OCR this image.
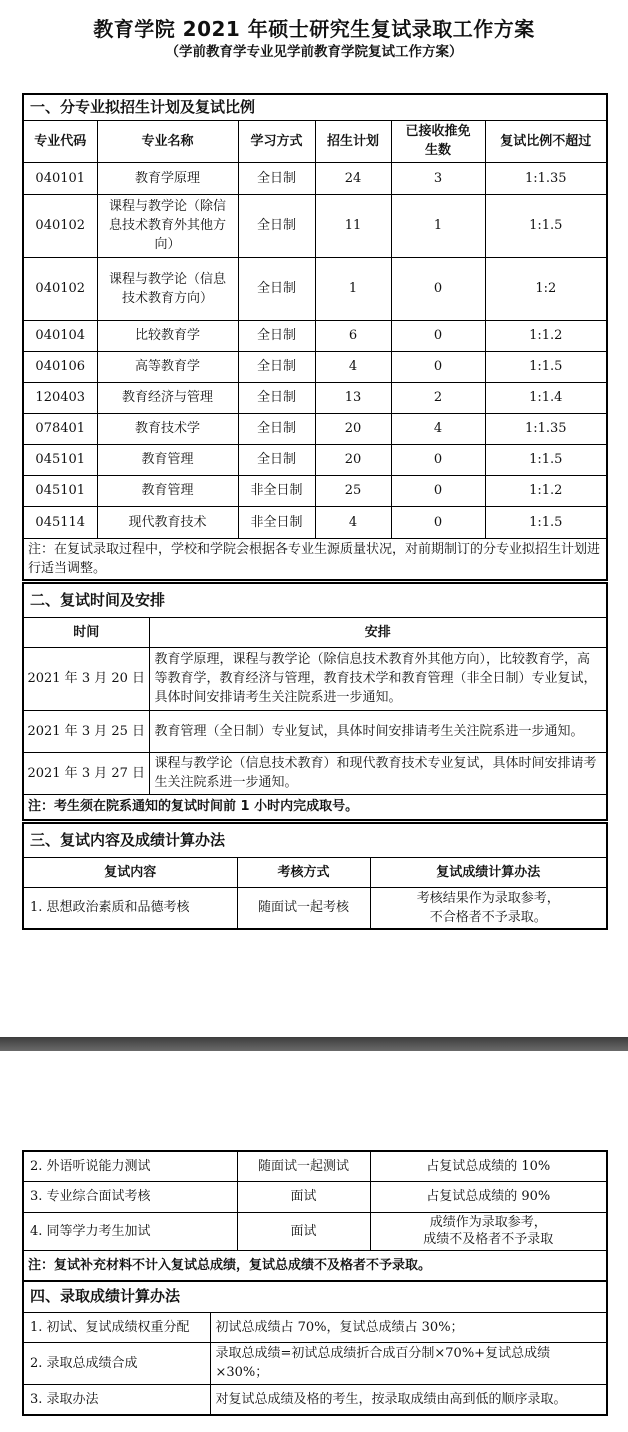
教育学院 2021 年硕士研究生复试录取工作方案
（学前教育学专业见学前教育学院复试工作方案）
一、分专业拟招生计划及复试比例					
专业代码	专业名称	学习方式	招生计划	已接收推免生数	复试比例不超过
040101	教育学原理	全日制	24	3	1:1.35
040102	课程与教学论（除信息技术教育外其他方向）	全日制	11	1	1:1.5
040102	课程与教学论（信息技术教育方向）	全日制	1	0	1:2
040104	比较教育学	全日制	6	0	1:1.2
040106	高等教育学	全日制	4	0	1:1.5
120403	教育经济与管理	全日制	13	2	1:1.4
078401	教育技术学	全日制	20	4	1:1.35
045101	教育管理	全日制	20	0	1:1.5
045101	教育管理	非全日制	25	0	1:1.2
045114	现代教育技术	非全日制	4	0	1:1.5
注：在复试录取过程中，学校和学院会根据各专业生源质量状况，对前期制订的分专业拟招生计划进行适当调整。					
二、复试时间及安排	
时间	安排
2021 年 3 月 20 日	教育学原理，课程与教学论（除信息技术教育外其他方向），比较教育学，高等教育学，教育经济与管理，教育技术学和教育管理（非全日制）专业复试，具体时间安排请考生关注院系进一步通知。
2021 年 3 月 25 日	教育管理（全日制）专业复试，具体时间安排请考生关注院系进一步通知。
2021 年 3 月 27 日	课程与教学论（信息技术教育）和现代教育技术专业复试，具体时间安排请考生关注院系进一步通知。
注：考生须在院系通知的复试时间前 1 小时内完成取号。	
三、复试内容及成绩计算办法		
复试内容	考核方式	复试成绩计算办法
1. 思想政治素质和品德考核	随面试一起考核	考核结果作为录取参考，
不合格者不予录取。
2. 外语听说能力测试	随面试一起测试	占复试总成绩的 10%
3. 专业综合面试考核	面试	占复试总成绩的 90%
4. 同等学力考生加试	面试	成绩作为录取参考，
成绩不及格者不予录取
注：复试补充材料不计入复试总成绩，复试总成绩不及格者不予录取。		
四、录取成绩计算办法	
1. 初试、复试成绩权重分配	初试总成绩占 70%，复试总成绩占 30%；
2. 录取总成绩合成	录取总成绩=初试总成绩折合成百分制×70%+复试总成绩×30%；
3. 录取办法	对复试总成绩及格的考生，按录取成绩由高到低的顺序录取。
